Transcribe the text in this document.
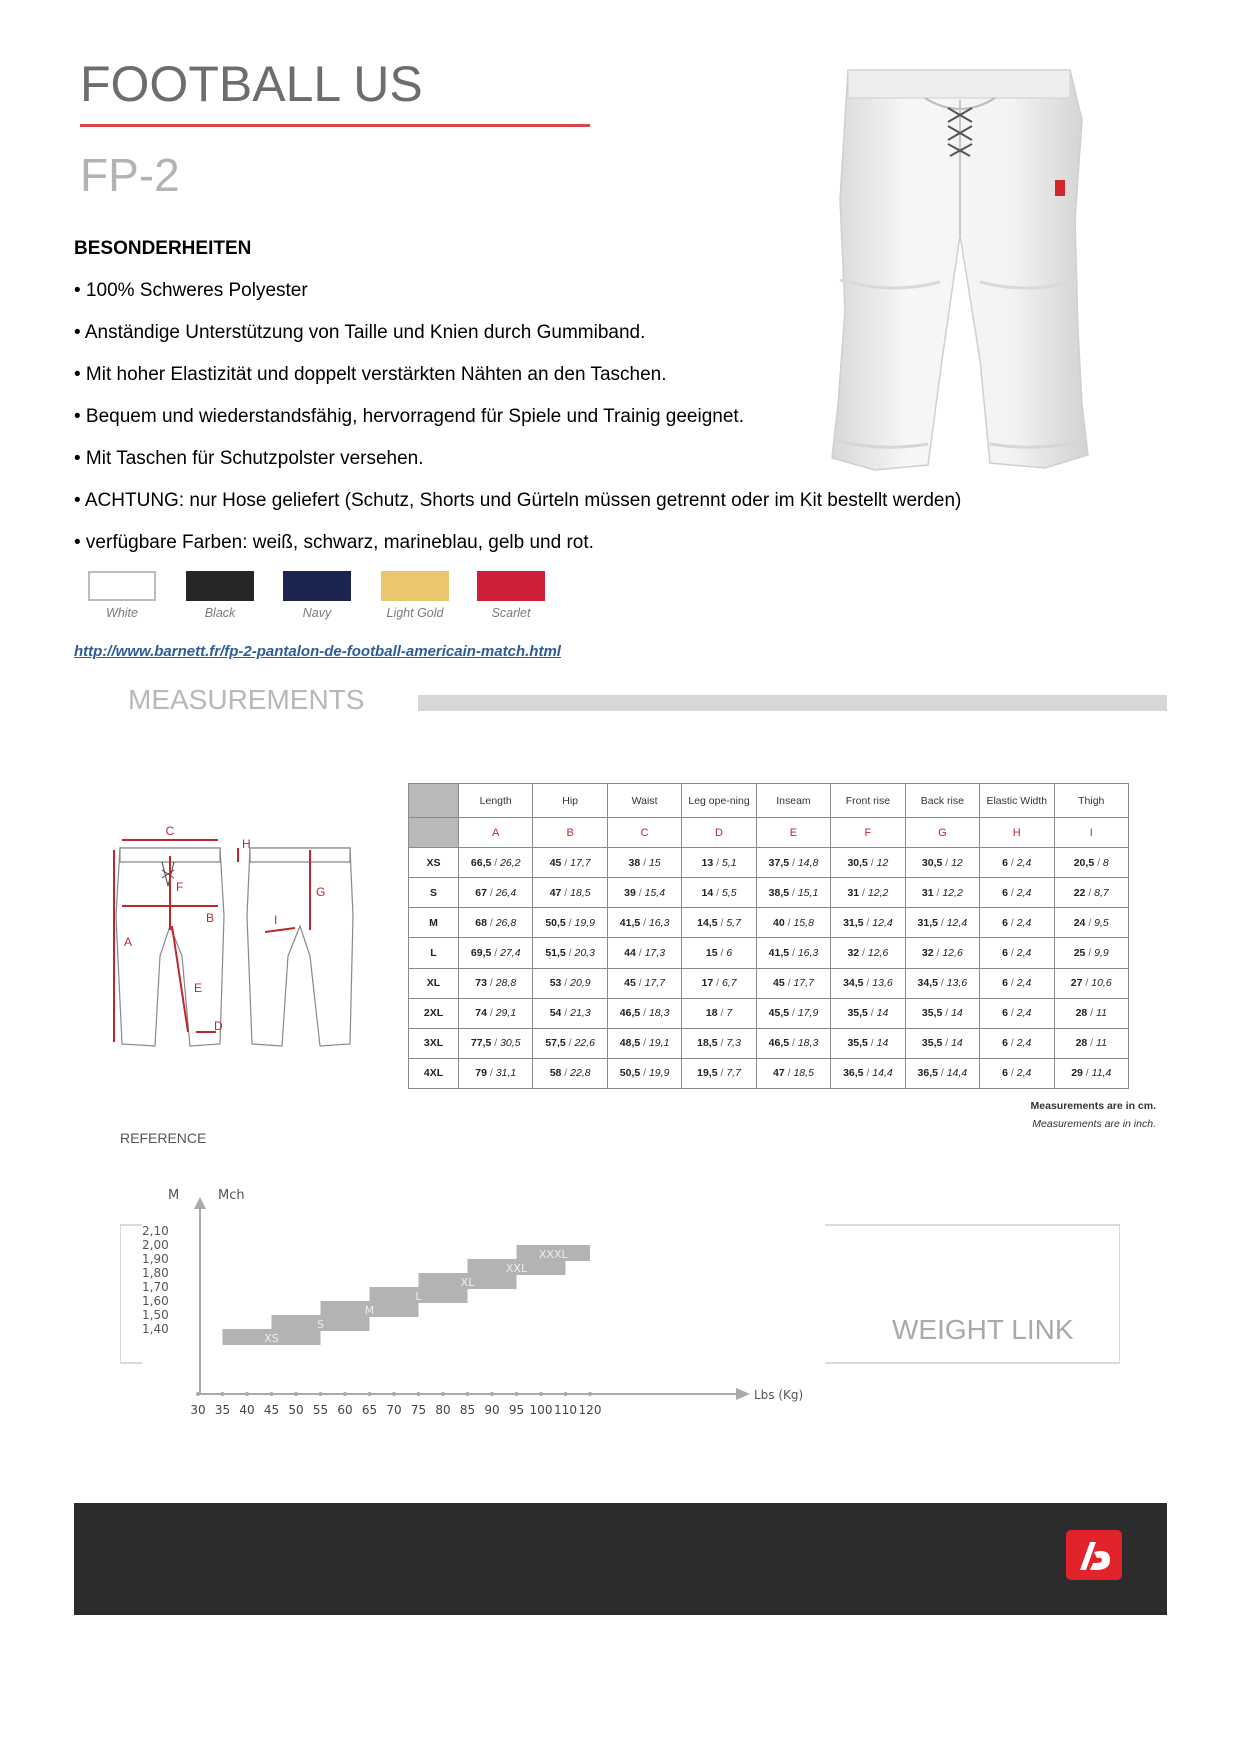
FOOTBALL US
FP-2
BESONDERHEITEN
• 100% Schweres Polyester
• Anständige Unterstützung von Taille und Knien durch Gummiband.
• Mit hoher Elastizität und doppelt verstärkten Nähten an den Taschen.
• Bequem und wiederstandsfähig, hervorragend für Spiele und Trainig geeignet.
• Mit Taschen für Schutzpolster versehen.
• ACHTUNG: nur Hose geliefert (Schutz, Shorts und Gürteln müssen getrennt oder im Kit bestellt werden)
• verfügbare Farben: weiß, schwarz, marineblau, gelb und rot.
White	Black	Navy	Light Gold	Scarlet
http://www.barnett.fr/fp-2-pantalon-de-football-americain-match.html
MEASUREMENTS
C
H
F
B
A
G
I
E
D
	Length	Hip	Waist	Leg ope-ning	Inseam	Front rise	Back rise	Elastic Width	Thigh
	A	B	C	D	E	F	G	H	I
XS	66,5 / 26,2	45 / 17,7	38 / 15	13 / 5,1	37,5 / 14,8	30,5 / 12	30,5 / 12	6 / 2,4	20,5 / 8
S	67 / 26,4	47 / 18,5	39 / 15,4	14 / 5,5	38,5 / 15,1	31 / 12,2	31 / 12,2	6 / 2,4	22 / 8,7
M	68 / 26,8	50,5 / 19,9	41,5 / 16,3	14,5 / 5,7	40 / 15,8	31,5 / 12,4	31,5 / 12,4	6 / 2,4	24 / 9,5
L	69,5 / 27,4	51,5 / 20,3	44 / 17,3	15 / 6	41,5 / 16,3	32 / 12,6	32 / 12,6	6 / 2,4	25 / 9,9
XL	73 / 28,8	53 / 20,9	45 / 17,7	17 / 6,7	45 / 17,7	34,5 / 13,6	34,5 / 13,6	6 / 2,4	27 / 10,6
2XL	74 / 29,1	54 / 21,3	46,5 / 18,3	18 / 7	45,5 / 17,9	35,5 / 14	35,5 / 14	6 / 2,4	28 / 11
3XL	77,5 / 30,5	57,5 / 22,6	48,5 / 19,1	18,5 / 7,3	46,5 / 18,3	35,5 / 14	35,5 / 14	6 / 2,4	28 / 11
4XL	79 / 31,1	58 / 22,8	50,5 / 19,9	19,5 / 7,7	47 / 18,5	36,5 / 14,4	36,5 / 14,4	6 / 2,4	29 / 11,4
Measurements are in cm.
Measurements are in inch.
REFERENCE
M	Mch
Lbs (Kg)
2,10
2,00
1,90
1,80
1,70
1,60
1,50
1,40
30 35 40 45 50 55 60 65 70 75 80 85 90 95 100 110 120
XS
S
M
L
XL
XXL
XXXL
WEIGHT LINK
